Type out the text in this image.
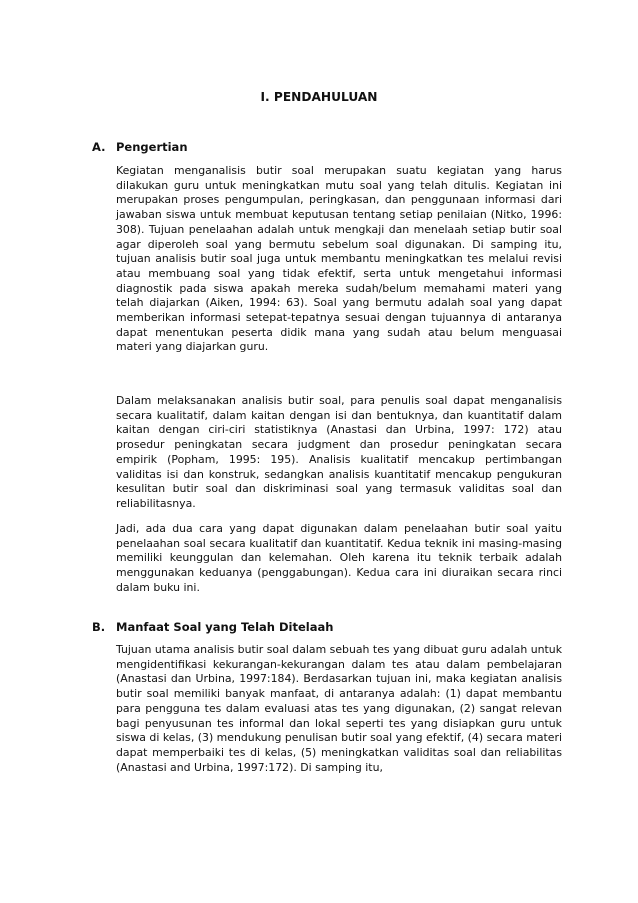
I. PENDAHULUAN
A. Pengertian

Kegiatan menganalisis butir soal merupakan suatu kegiatan yang harus dilakukan guru untuk meningkatkan mutu soal yang telah ditulis. Kegiatan ini merupakan proses pengumpulan, peringkasan, dan penggunaan informasi dari jawaban siswa untuk membuat keputusan tentang setiap penilaian (Nitko, 1996: 308). Tujuan penelaahan adalah untuk mengkaji dan menelaah setiap butir soal agar diperoleh soal yang bermutu sebelum soal digunakan. Di samping itu, tujuan analisis butir soal juga untuk membantu meningkatkan tes melalui revisi atau membuang soal yang tidak efektif, serta untuk mengetahui informasi diagnostik pada siswa apakah mereka sudah/belum memahami materi yang telah diajarkan (Aiken, 1994: 63). Soal yang bermutu adalah soal yang dapat memberikan informasi setepat-tepatnya sesuai dengan tujuannya di antaranya dapat menentukan peserta didik mana yang sudah atau belum menguasai materi yang diajarkan guru.

Dalam melaksanakan analisis butir soal, para penulis soal dapat menganalisis secara kualitatif, dalam kaitan dengan isi dan bentuknya, dan kuantitatif dalam kaitan dengan ciri-ciri statistiknya (Anastasi dan Urbina, 1997: 172) atau prosedur peningkatan secara judgment dan prosedur peningkatan secara empirik (Popham, 1995: 195). Analisis kualitatif mencakup pertimbangan validitas isi dan konstruk, sedangkan analisis kuantitatif mencakup pengukuran kesulitan butir soal dan diskriminasi soal yang termasuk validitas soal dan reliabilitasnya.

Jadi, ada dua cara yang dapat digunakan dalam penelaahan butir soal yaitu penelaahan soal secara kualitatif dan kuantitatif. Kedua teknik ini masing-masing memiliki keunggulan dan kelemahan. Oleh karena itu teknik terbaik adalah menggunakan keduanya (penggabungan). Kedua cara ini diuraikan secara rinci dalam buku ini.

B. Manfaat Soal yang Telah Ditelaah

Tujuan utama analisis butir soal dalam sebuah tes yang dibuat guru adalah untuk mengidentifikasi kekurangan-kekurangan dalam tes atau dalam pembelajaran (Anastasi dan Urbina, 1997:184). Berdasarkan tujuan ini, maka kegiatan analisis butir soal memiliki banyak manfaat, di antaranya adalah: (1) dapat membantu para pengguna tes dalam evaluasi atas tes yang digunakan, (2) sangat relevan bagi penyusunan tes informal dan lokal seperti tes yang disiapkan guru untuk siswa di kelas, (3) mendukung penulisan butir soal yang efektif, (4) secara materi dapat memperbaiki tes di kelas, (5) meningkatkan validitas soal dan reliabilitas (Anastasi and Urbina, 1997:172). Di samping itu,
